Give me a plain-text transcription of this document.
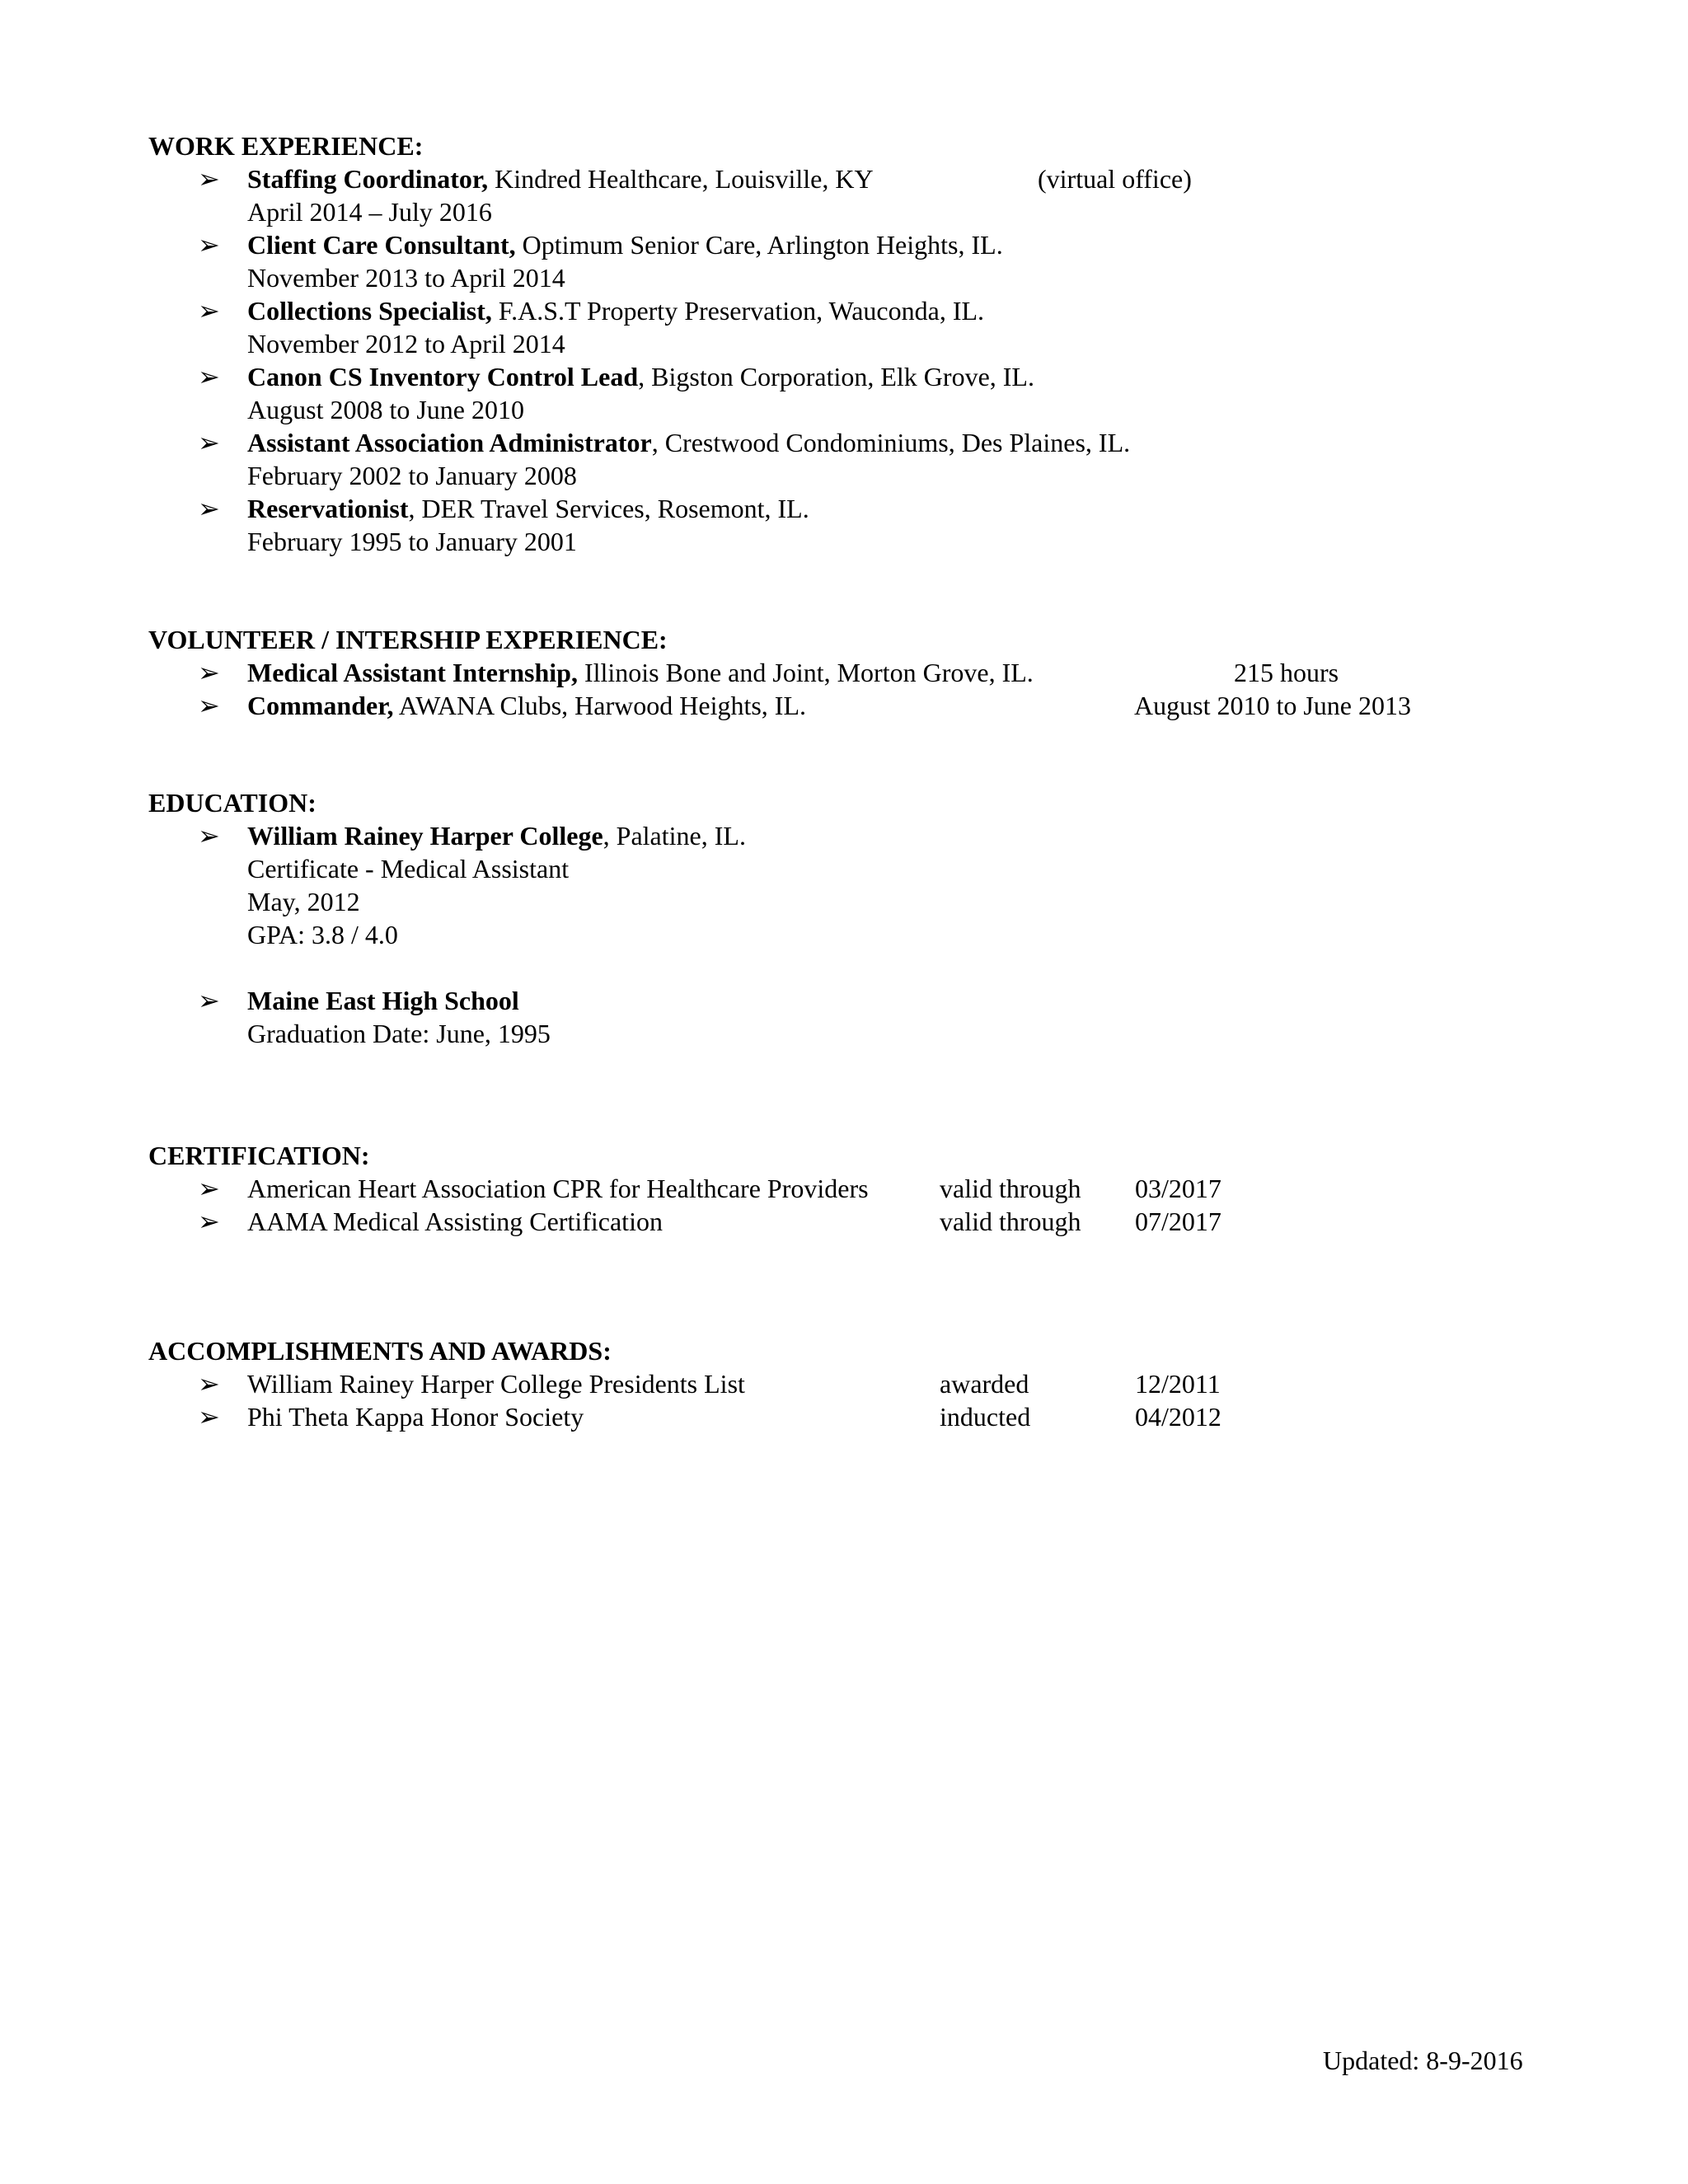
WORK EXPERIENCE:

➢	Staffing Coordinator, Kindred Healthcare, Louisville, KY	(virtual office)
April 2014 – July 2016
➢	Client Care Consultant, Optimum Senior Care, Arlington Heights, IL.
November 2013 to April 2014
➢	Collections Specialist, F.A.S.T Property Preservation, Wauconda, IL.
November 2012 to April 2014
➢	Canon CS Inventory Control Lead, Bigston Corporation, Elk Grove, IL.
August 2008 to June 2010
➢	Assistant Association Administrator, Crestwood Condominiums, Des Plaines, IL.
February 2002 to January 2008
➢	Reservationist, DER Travel Services, Rosemont, IL.
February 1995 to January 2001

VOLUNTEER / INTERSHIP EXPERIENCE:

➢	Medical Assistant Internship, Illinois Bone and Joint, Morton Grove, IL.	215 hours
➢	Commander, AWANA Clubs, Harwood Heights, IL.	August 2010 to June 2013

EDUCATION:

➢	William Rainey Harper College, Palatine, IL.
Certificate - Medical Assistant
May, 2012
GPA: 3.8 / 4.0
➢	Maine East High School
Graduation Date: June, 1995

CERTIFICATION:

➢	American Heart Association CPR for Healthcare Providers	valid through 03/2017
➢	AAMA Medical Assisting Certification	valid through 07/2017

ACCOMPLISHMENTS AND AWARDS:

➢	William Rainey Harper College Presidents List	awarded	12/2011
➢	Phi Theta Kappa Honor Society	inducted	04/2012
Updated: 8-9-2016
